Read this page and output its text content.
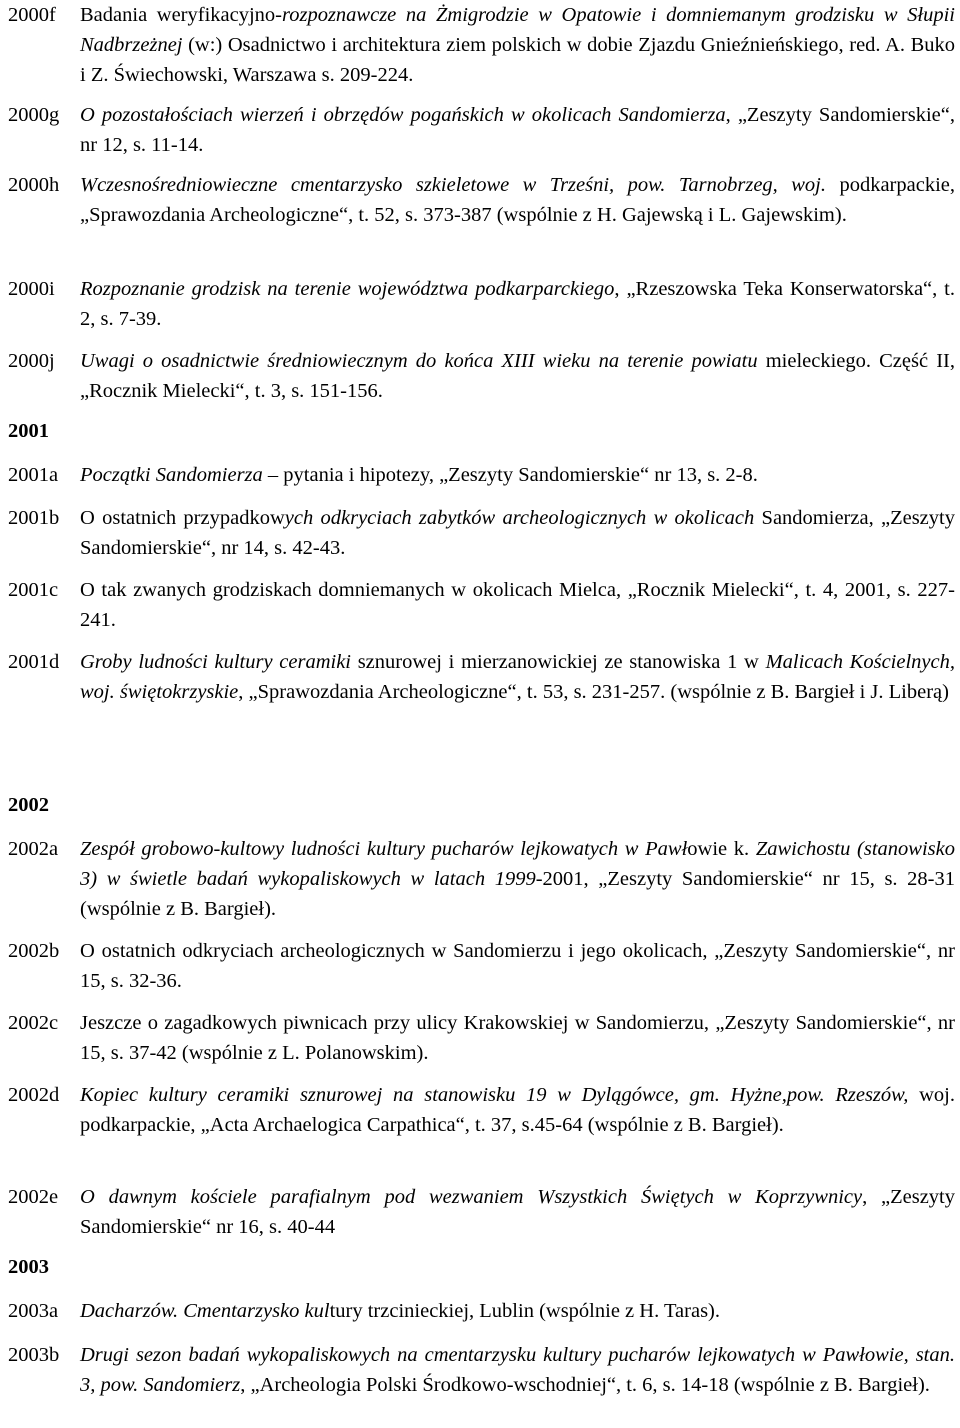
2000f Badania weryfikacyjno-rozpoznawcze na Żmigrodzie w Opatowie i domniemanym grodzisku w Słupii Nadbrzeżnej (w:) Osadnictwo i architektura ziem polskich w dobie Zjazdu Gnieźnieńskiego, red. A. Buko i Z. Świechowski, Warszawa s. 209-224.
2000g O pozostałościach wierzeń i obrzędów pogańskich w okolicach Sandomierza, „Zeszyty Sandomierskie“, nr 12, s. 11-14.
2000h Wczesnośredniowieczne cmentarzysko szkieletowe w Trześni, pow. Tarnobrzeg, woj. podkarpackie, „Sprawozdania Archeologiczne“, t. 52, s. 373-387 (wspólnie z H. Gajewską i L. Gajewskim).
2000i Rozpoznanie grodzisk na terenie województwa podkarparckiego, „Rzeszowska Teka Konserwatorska“, t. 2, s. 7-39.
2000j Uwagi o osadnictwie średniowiecznym do końca XIII wieku na terenie powiatu mieleckiego. Część II, „Rocznik Mielecki“, t. 3, s. 151-156.
2001
2001a Początki Sandomierza – pytania i hipotezy, „Zeszyty Sandomierskie“ nr 13, s. 2-8.
2001b O ostatnich przypadkowych odkryciach zabytków archeologicznych w okolicach Sandomierza, „Zeszyty Sandomierskie“, nr 14, s. 42-43.
2001c O tak zwanych grodziskach domniemanych w okolicach Mielca, „Rocznik Mielecki“, t. 4, 2001, s. 227-241.
2001d Groby ludności kultury ceramiki sznurowej i mierzanowickiej ze stanowiska 1 w Malicach Kościelnych, woj. świętokrzyskie, „Sprawozdania Archeologiczne“, t. 53, s. 231-257. (wspólnie z B. Bargieł i J. Liberą)
2002
2002a Zespół grobowo-kultowy ludności kultury pucharów lejkowatych w Pawłowie k. Zawichostu (stanowisko 3) w świetle badań wykopaliskowych w latach 1999-2001, „Zeszyty Sandomierskie“ nr 15, s. 28-31 (wspólnie z B. Bargieł).
2002b O ostatnich odkryciach archeologicznych w Sandomierzu i jego okolicach, „Zeszyty Sandomierskie“, nr 15, s. 32-36.
2002c Jeszcze o zagadkowych piwnicach przy ulicy Krakowskiej w Sandomierzu, „Zeszyty Sandomierskie“, nr 15, s. 37-42 (wspólnie z L. Polanowskim).
2002d Kopiec kultury ceramiki sznurowej na stanowisku 19 w Dylągówce, gm. Hyżne,pow. Rzeszów, woj. podkarpackie, „Acta Archaelogica Carpathica“, t. 37, s.45-64 (wspólnie z B. Bargieł).
2002e O dawnym kościele parafialnym pod wezwaniem Wszystkich Świętych w Koprzywnicy, „Zeszyty Sandomierskie“ nr 16, s. 40-44
2003
2003a Dacharzów. Cmentarzysko kultury trzcinieckiej, Lublin (wspólnie z H. Taras).
2003b Drugi sezon badań wykopaliskowych na cmentarzysku kultury pucharów lejkowatych w Pawłowie, stan. 3, pow. Sandomierz, „Archeologia Polski Środkowo-wschodniej“, t. 6, s. 14-18 (wspólnie z B. Bargieł).
